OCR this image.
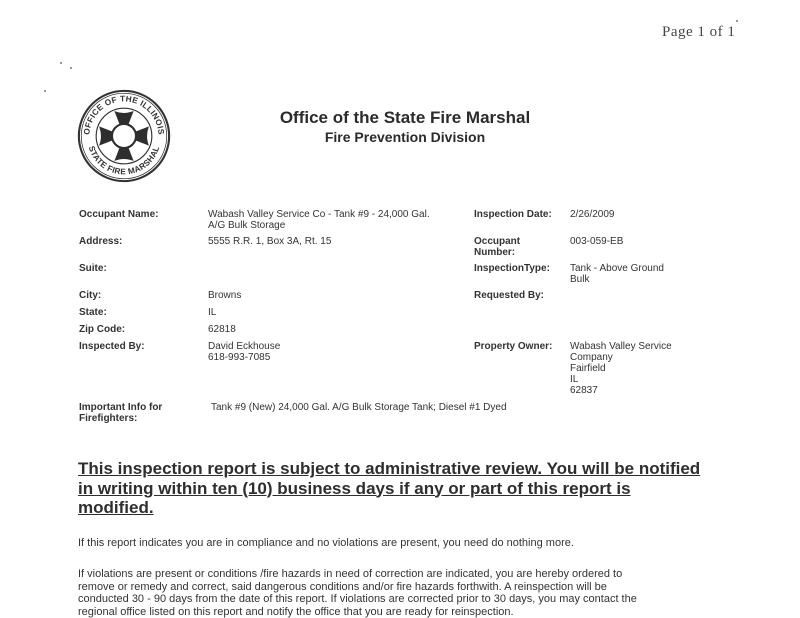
Page 1 of 1
OFFICE OF THE ILLINOIS
STATE FIRE MARSHAL
Office of the State Fire Marshal
Fire Prevention Division
Occupant Name:
Address:
Suite:
City:
State:
Zip Code:
Inspected By:
Important Info for
Firefighters:
Wabash Valley Service Co - Tank #9 - 24,000 Gal.
A/G Bulk Storage
5555 R.R. 1, Box 3A, Rt. 15
Browns
IL
62818
David Eckhouse
618-993-7085
Tank #9 (New) 24,000 Gal. A/G Bulk Storage Tank; Diesel #1 Dyed
Inspection Date:
Occupant
Number:
InspectionType:
Requested By:
Property Owner:
2/26/2009
003-059-EB
Tank - Above Ground
Bulk
Wabash Valley Service
Company
Fairfield
IL
62837
This inspection report is subject to administrative review. You will be notified
in writing within ten (10) business days if any or part of this report is
modified.
If this report indicates you are in compliance and no violations are present, you need do nothing more.
If violations are present or conditions /fire hazards in need of correction are indicated, you are hereby ordered to
remove or remedy and correct, said dangerous conditions and/or fire hazards forthwith. A reinspection will be
conducted 30 - 90 days from the date of this report. If violations are corrected prior to 30 days, you may contact the
regional office listed on this report and notify the office that you are ready for reinspection.
